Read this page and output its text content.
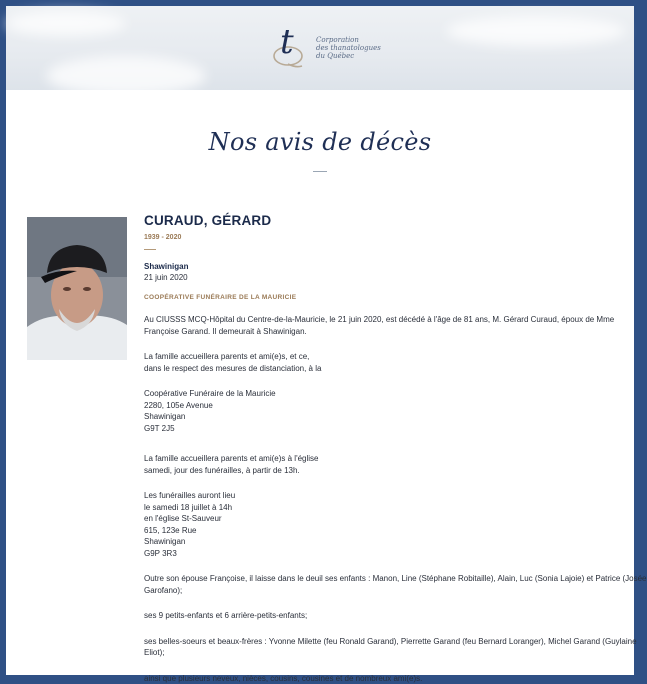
t	Corporation
des thanatologues
du Québec
Nos avis de décès
CURAUD, GÉRARD
1939 - 2020
Shawinigan
21 juin 2020
COOPÉRATIVE FUNÉRAIRE DE LA MAURICIE
Au CIUSSS MCQ-Hôpital du Centre-de-la-Mauricie, le 21 juin 2020, est décédé à l'âge de 81 ans, M. Gérard Curaud, époux de Mme
Françoise Garand. Il demeurait à Shawinigan.
La famille accueillera parents et ami(e)s, et ce,
dans le respect des mesures de distanciation, à la
Coopérative Funéraire de la Mauricie
2280, 105e Avenue
Shawinigan
G9T 2J5
La famille accueillera parents et ami(e)s à l'église
samedi, jour des funérailles, à partir de 13h.
Les funérailles auront lieu
le samedi 18 juillet à 14h
en l'église St-Sauveur
615, 123e Rue
Shawinigan
G9P 3R3
Outre son épouse Françoise, il laisse dans le deuil ses enfants : Manon, Line (Stéphane Robitaille), Alain, Luc (Sonia Lajoie) et Patrice (Josée
Garofano);
ses 9 petits-enfants et 6 arrière-petits-enfants;
ses belles-soeurs et beaux-frères : Yvonne Milette (feu Ronald Garand), Pierrette Garand (feu Bernard Loranger), Michel Garand (Guylaine
Eliot);
ainsi que plusieurs neveux, nièces, cousins, cousines et de nombreux ami(e)s.
